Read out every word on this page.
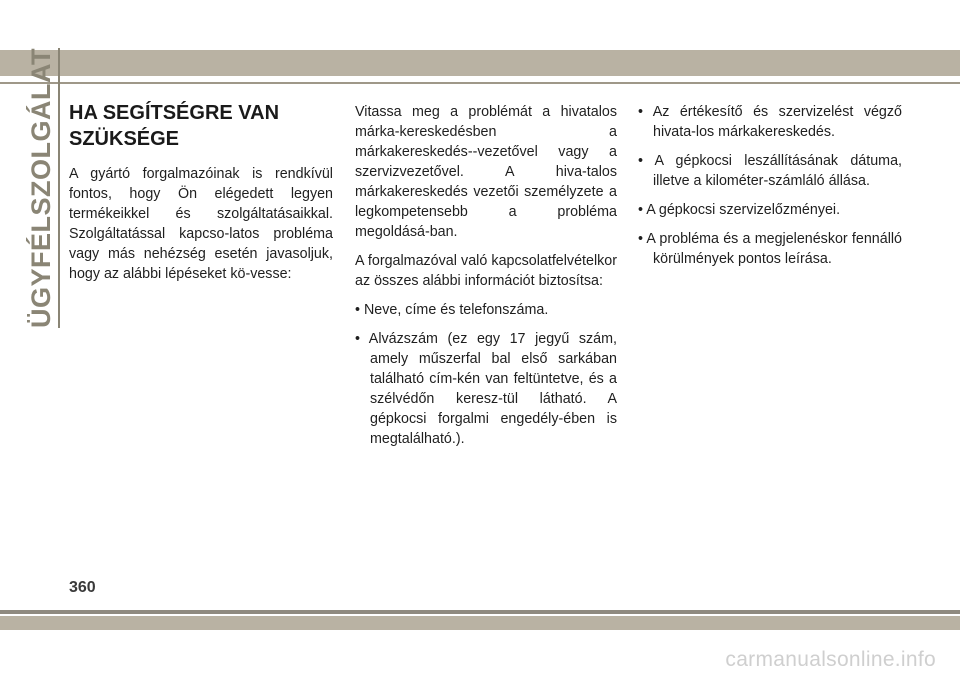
ÜGYFÉLSZOLGÁLAT HA SEGÍTSÉGRE VAN
SZÜKSÉGE

A gyártó forgalmazóinak is rendkívül fontos, hogy Ön elégedett legyen termékeikkel és szolgáltatásaikkal. Szolgáltatással kapcso-latos probléma vagy más nehézség esetén javasoljuk, hogy az alábbi lépéseket kö-vesse:

Vitassa meg a problémát a hivatalos márka-kereskedésben a márkakereskedés--vezetővel vagy a szervizvezetővel. A hiva-talos márkakereskedés vezetői személyzete a legkompetensebb a probléma megoldásá-ban.

A forgalmazóval való kapcsolatfelvételkor az összes alábbi információt biztosítsa:

• Neve, címe és telefonszáma.
• Alvázszám (ez egy 17 jegyű szám, amely műszerfal bal első sarkában található cím-kén van feltüntetve, és a szélvédőn keresz-tül látható. A gépkocsi forgalmi engedély-ében is megtalálható.).
• Az értékesítő és szervizelést végző hivata-los márkakereskedés.
• A gépkocsi leszállításának dátuma, illetve a kilométer-számláló állása.
• A gépkocsi szervizelőzményei.
• A probléma és a megjelenéskor fennálló körülmények pontos leírása.
360
carmanualsonline.info
